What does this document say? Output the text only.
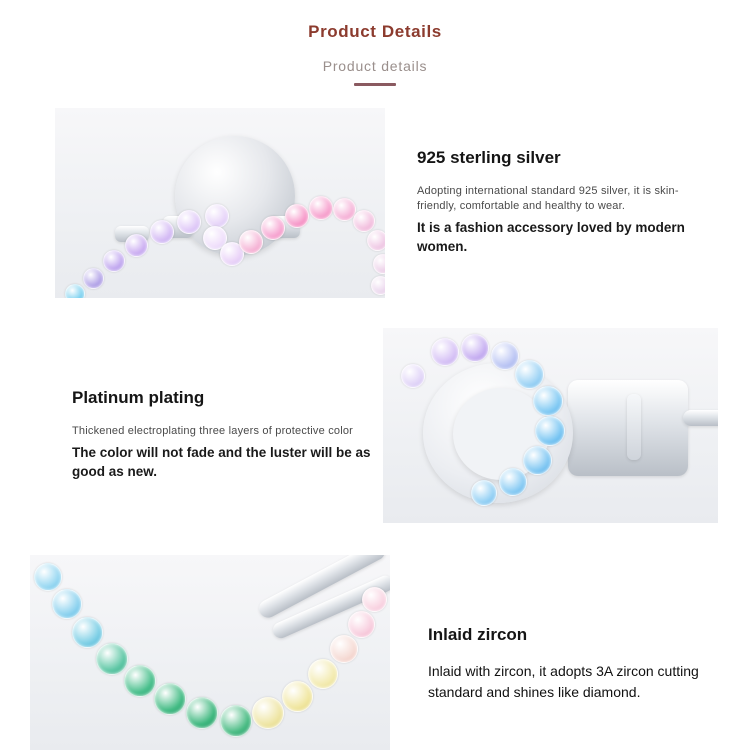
Product Details
Product details
925 sterling silver

Adopting international standard 925 silver, it is skin-friendly, comfortable and healthy to wear.

It is a fashion accessory loved by modern women.

Platinum plating

Thickened electroplating three layers of protective color

The color will not fade and the luster will be as good as new.

Inlaid zircon

Inlaid with zircon, it adopts 3A zircon cutting standard and shines like diamond.
